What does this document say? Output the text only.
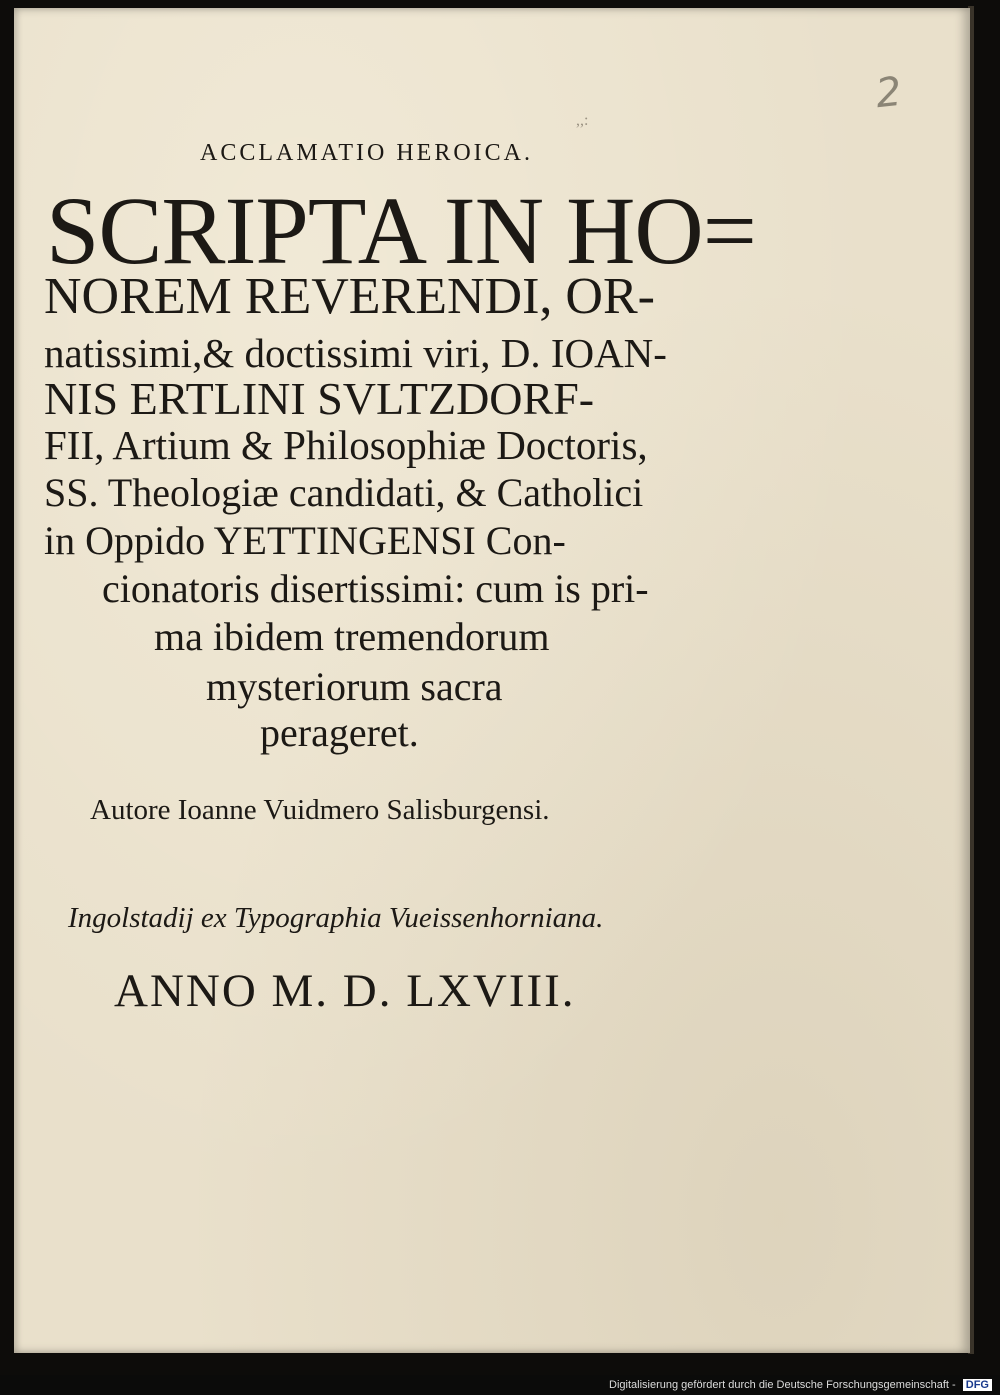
2
,,:
ACCLAMATIO HEROICA.
SCRIPTA IN HO=
NOREM REVERENDI, OR-
natissimi,& doctissimi viri, D. IOAN-
NIS ERTLINI SVLTZDORF-
FII, Artium & Philosophiæ Doctoris,
SS. Theologiæ candidati, & Catholici
in Oppido YETTINGENSI Con-
cionatoris disertissimi: cum is pri-
ma ibidem tremendorum
mysteriorum sacra
perageret.
Autore Ioanne Vuidmero Salisburgensi.
Ingolstadij ex Typographia Vueissenhorniana.
ANNO M. D. LXVIII.
Digitalisierung gefördert durch die Deutsche Forschungsgemeinschaft - DFG
